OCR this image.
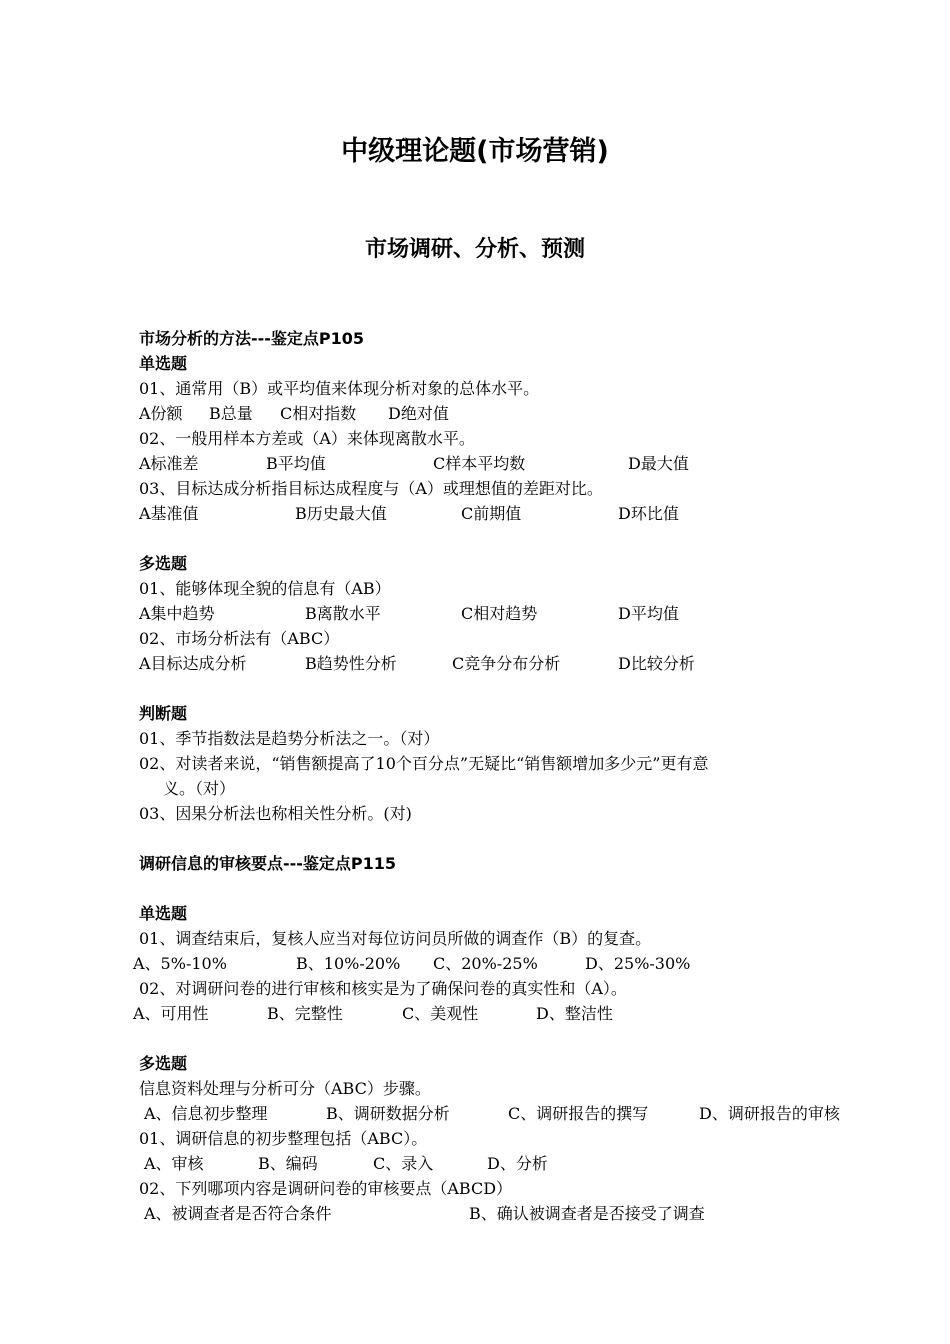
中级理论题(市场营销)
市场调研、分析、预测
市场分析的方法---鉴定点P105
单选题
01、通常用（B）或平均值来体现分析对象的总体水平。
A份额 B总量 C相对指数 D绝对值
02、一般用样本方差或（A）来体现离散水平。
A标准差	B平均值	C样本平均数	D最大值
03、目标达成分析指目标达成程度与（A）或理想值的差距对比。
A基准值	B历史最大值	C前期值	D环比值
多选题
01、能够体现全貌的信息有（AB）
A集中趋势	B离散水平	C相对趋势	D平均值
02、市场分析法有（ABC）
A目标达成分析	B趋势性分析	C竞争分布分析	D比较分析
判断题
01、季节指数法是趋势分析法之一。（对）
02、对读者来说，“销售额提高了10个百分点”无疑比“销售额增加多少元”更有意
义。（对）
03、因果分析法也称相关性分析。(对)
调研信息的审核要点---鉴定点P115
单选题
01、调查结束后，复核人应当对每位访问员所做的调查作（B）的复查。
A、5%-10%	B、10%-20% C、20%-25%	D、25%-30%
02、对调研问卷的进行审核和核实是为了确保问卷的真实性和（A）。
A、可用性	B、完整性	C、美观性	D、整洁性
多选题
信息资料处理与分析可分（ABC）步骤。
A、信息初步整理	B、调研数据分析	C、调研报告的撰写	D、调研报告的审核
01、调研信息的初步整理包括（ABC）。
A、审核	B、编码	C、录入	D、分析
02、下列哪项内容是调研问卷的审核要点（ABCD）
A、被调查者是否符合条件	B、确认被调查者是否接受了调查
